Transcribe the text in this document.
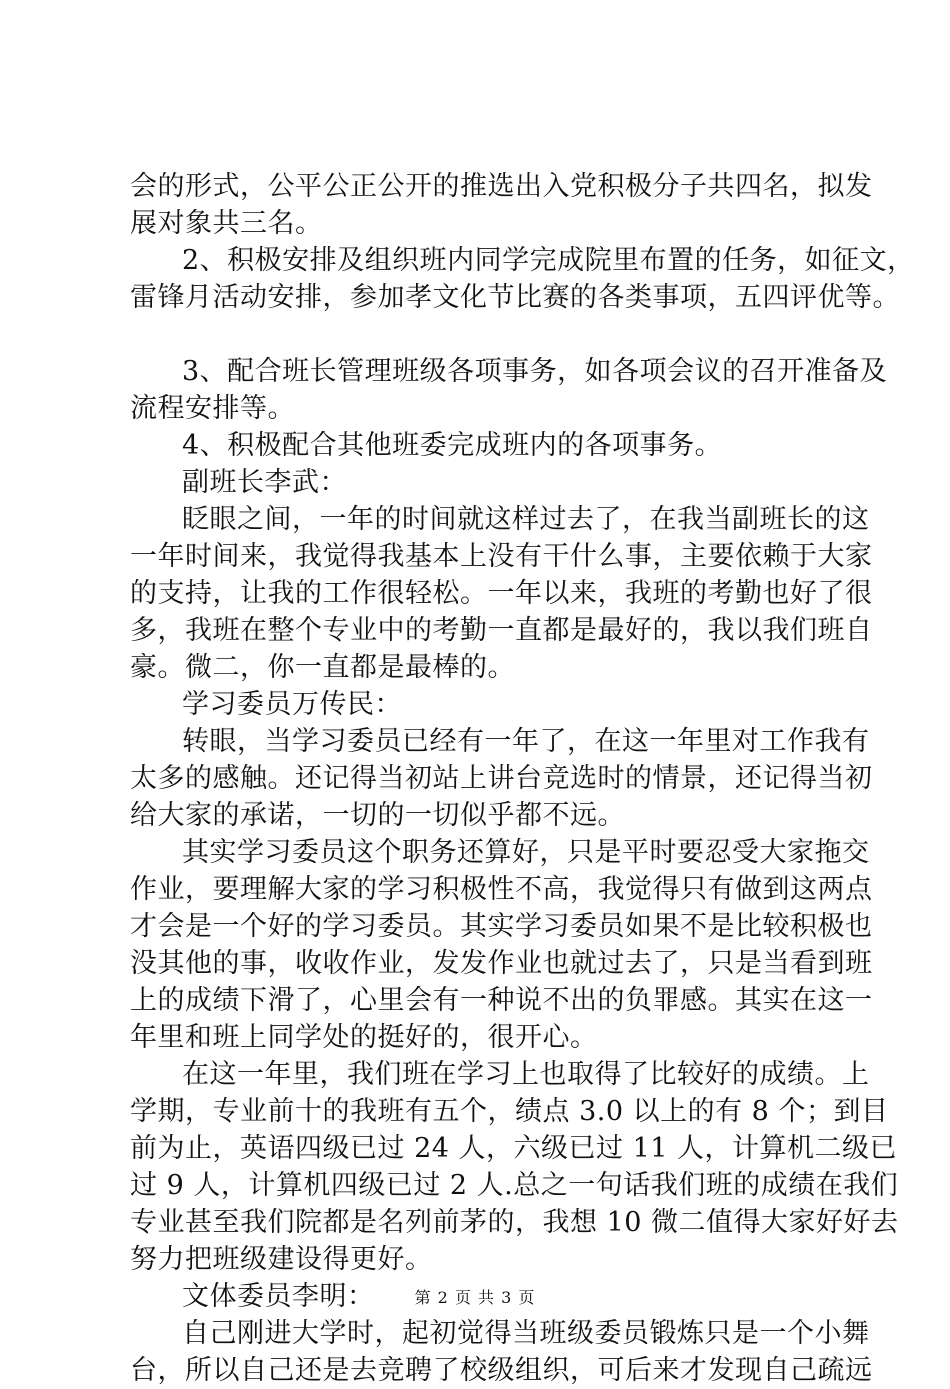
会的形式，公平公正公开的推选出入党积极分子共四名，拟发
展对象共三名。
2、积极安排及组织班内同学完成院里布置的任务，如征文，
雷锋月活动安排，参加孝文化节比赛的各类事项，五四评优等。
3、配合班长管理班级各项事务，如各项会议的召开准备及
流程安排等。
4、积极配合其他班委完成班内的各项事务。
副班长李武：
眨眼之间，一年的时间就这样过去了，在我当副班长的这
一年时间来，我觉得我基本上没有干什么事，主要依赖于大家
的支持，让我的工作很轻松。一年以来，我班的考勤也好了很
多，我班在整个专业中的考勤一直都是最好的，我以我们班自
豪。微二，你一直都是最棒的。
学习委员万传民：
转眼，当学习委员已经有一年了，在这一年里对工作我有
太多的感触。还记得当初站上讲台竞选时的情景，还记得当初
给大家的承诺，一切的一切似乎都不远。
其实学习委员这个职务还算好，只是平时要忍受大家拖交
作业，要理解大家的学习积极性不高，我觉得只有做到这两点
才会是一个好的学习委员。其实学习委员如果不是比较积极也
没其他的事，收收作业，发发作业也就过去了，只是当看到班
上的成绩下滑了，心里会有一种说不出的负罪感。其实在这一
年里和班上同学处的挺好的，很开心。
在这一年里，我们班在学习上也取得了比较好的成绩。上
学期，专业前十的我班有五个，绩点 3.0 以上的有 8 个；到目
前为止，英语四级已过 24 人，六级已过 11 人，计算机二级已
过 9 人，计算机四级已过 2 人.总之一句话我们班的成绩在我们
专业甚至我们院都是名列前茅的，我想 10 微二值得大家好好去
努力把班级建设得更好。
文体委员李明：
自己刚进大学时，起初觉得当班级委员锻炼只是一个小舞
台，所以自己还是去竞聘了校级组织，可后来才发现自己疏远
第 2 页 共 3 页
